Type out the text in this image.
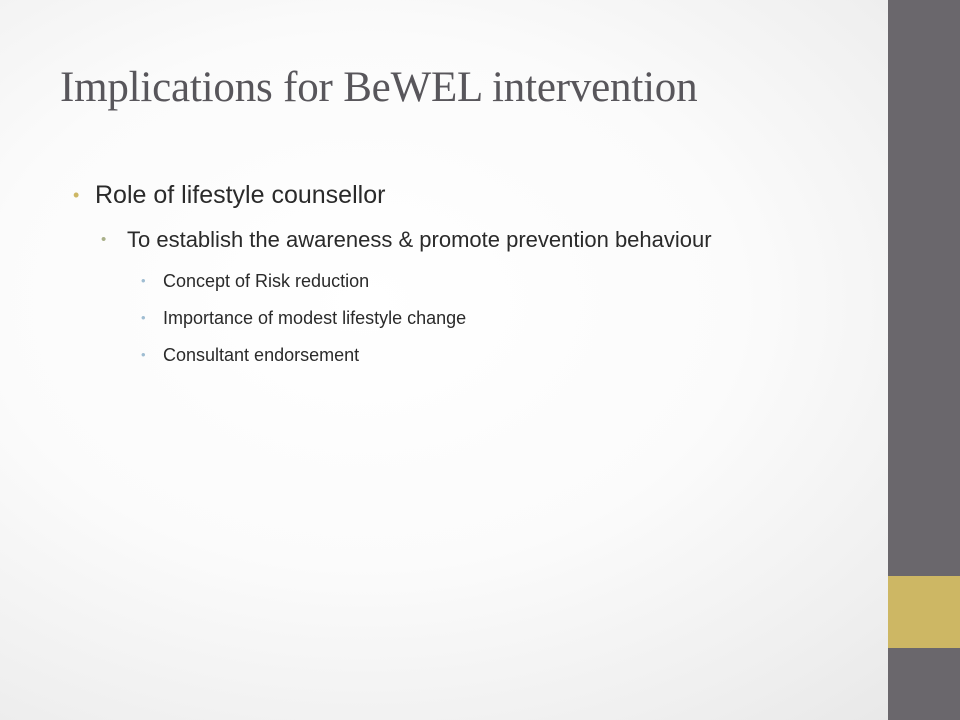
Implications for BeWEL intervention
• Role of lifestyle counsellor
• To establish the awareness & promote prevention behaviour
• Concept of Risk reduction
• Importance of modest lifestyle change
• Consultant endorsement
